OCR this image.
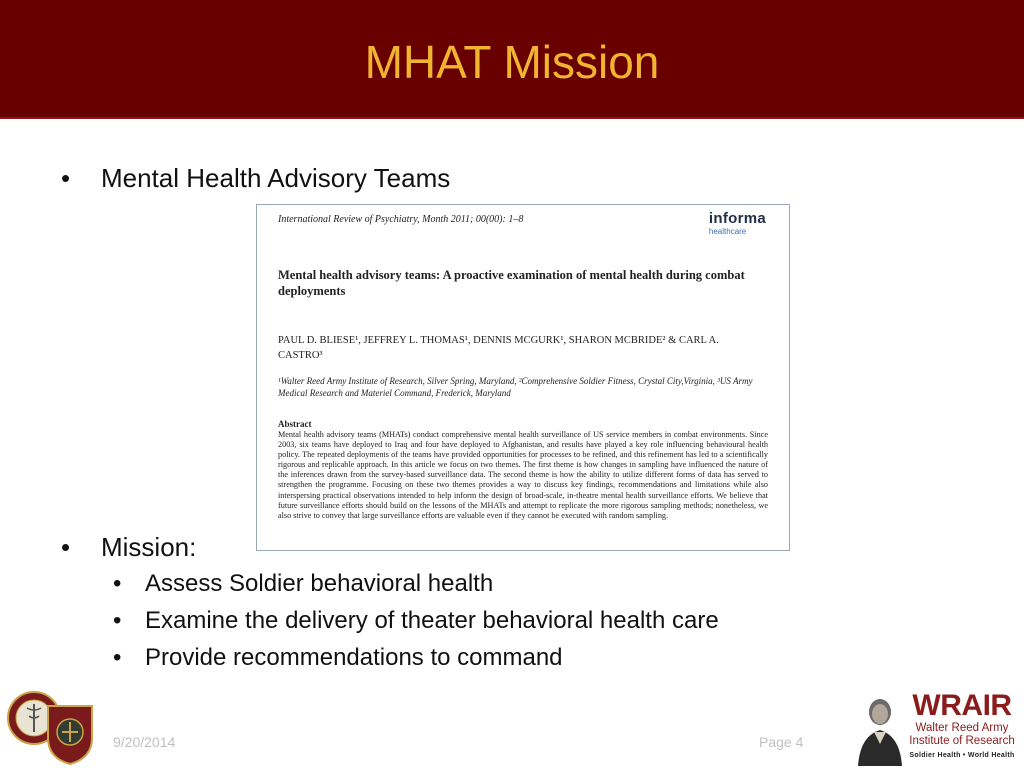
MHAT Mission
• Mental Health Advisory Teams
International Review of Psychiatry, Month 2011; 00(00): 1–8	informa
healthcare
Mental health advisory teams: A proactive examination of mental health during combat deployments
PAUL D. BLIESE¹, JEFFREY L. THOMAS¹, DENNIS MCGURK¹, SHARON MCBRIDE² & CARL A. CASTRO³
¹Walter Reed Army Institute of Research, Silver Spring, Maryland, ²Comprehensive Soldier Fitness, Crystal City,Virginia, ³US Army Medical Research and Materiel Command, Frederick, Maryland
Abstract
Mental health advisory teams (MHATs) conduct comprehensive mental health surveillance of US service members in combat environments. Since 2003, six teams have deployed to Iraq and four have deployed to Afghanistan, and results have played a key role influencing behavioural health policy. The repeated deployments of the teams have provided opportunities for processes to be refined, and this refinement has led to a scientifically rigorous and replicable approach. In this article we focus on two themes. The first theme is how changes in sampling have influenced the nature of the inferences drawn from the survey-based surveillance data. The second theme is how the ability to utilize different forms of data has served to strengthen the programme. Focusing on these two themes provides a way to discuss key findings, recommendations and limitations while also interspersing practical observations intended to help inform the design of broad-scale, in-theatre mental health surveillance efforts. We believe that future surveillance efforts should build on the lessons of the MHATs and attempt to replicate the more rigorous sampling methods; nonetheless, we also strive to convey that large surveillance efforts are valuable even if they cannot be executed with random sampling.
• Mission:
• Assess Soldier behavioral health
• Examine the delivery of theater behavioral health care
• Provide recommendations to command
9/20/2014	Page 4
WRAIR
Walter Reed Army
Institute of Research
Soldier Health • World Health
